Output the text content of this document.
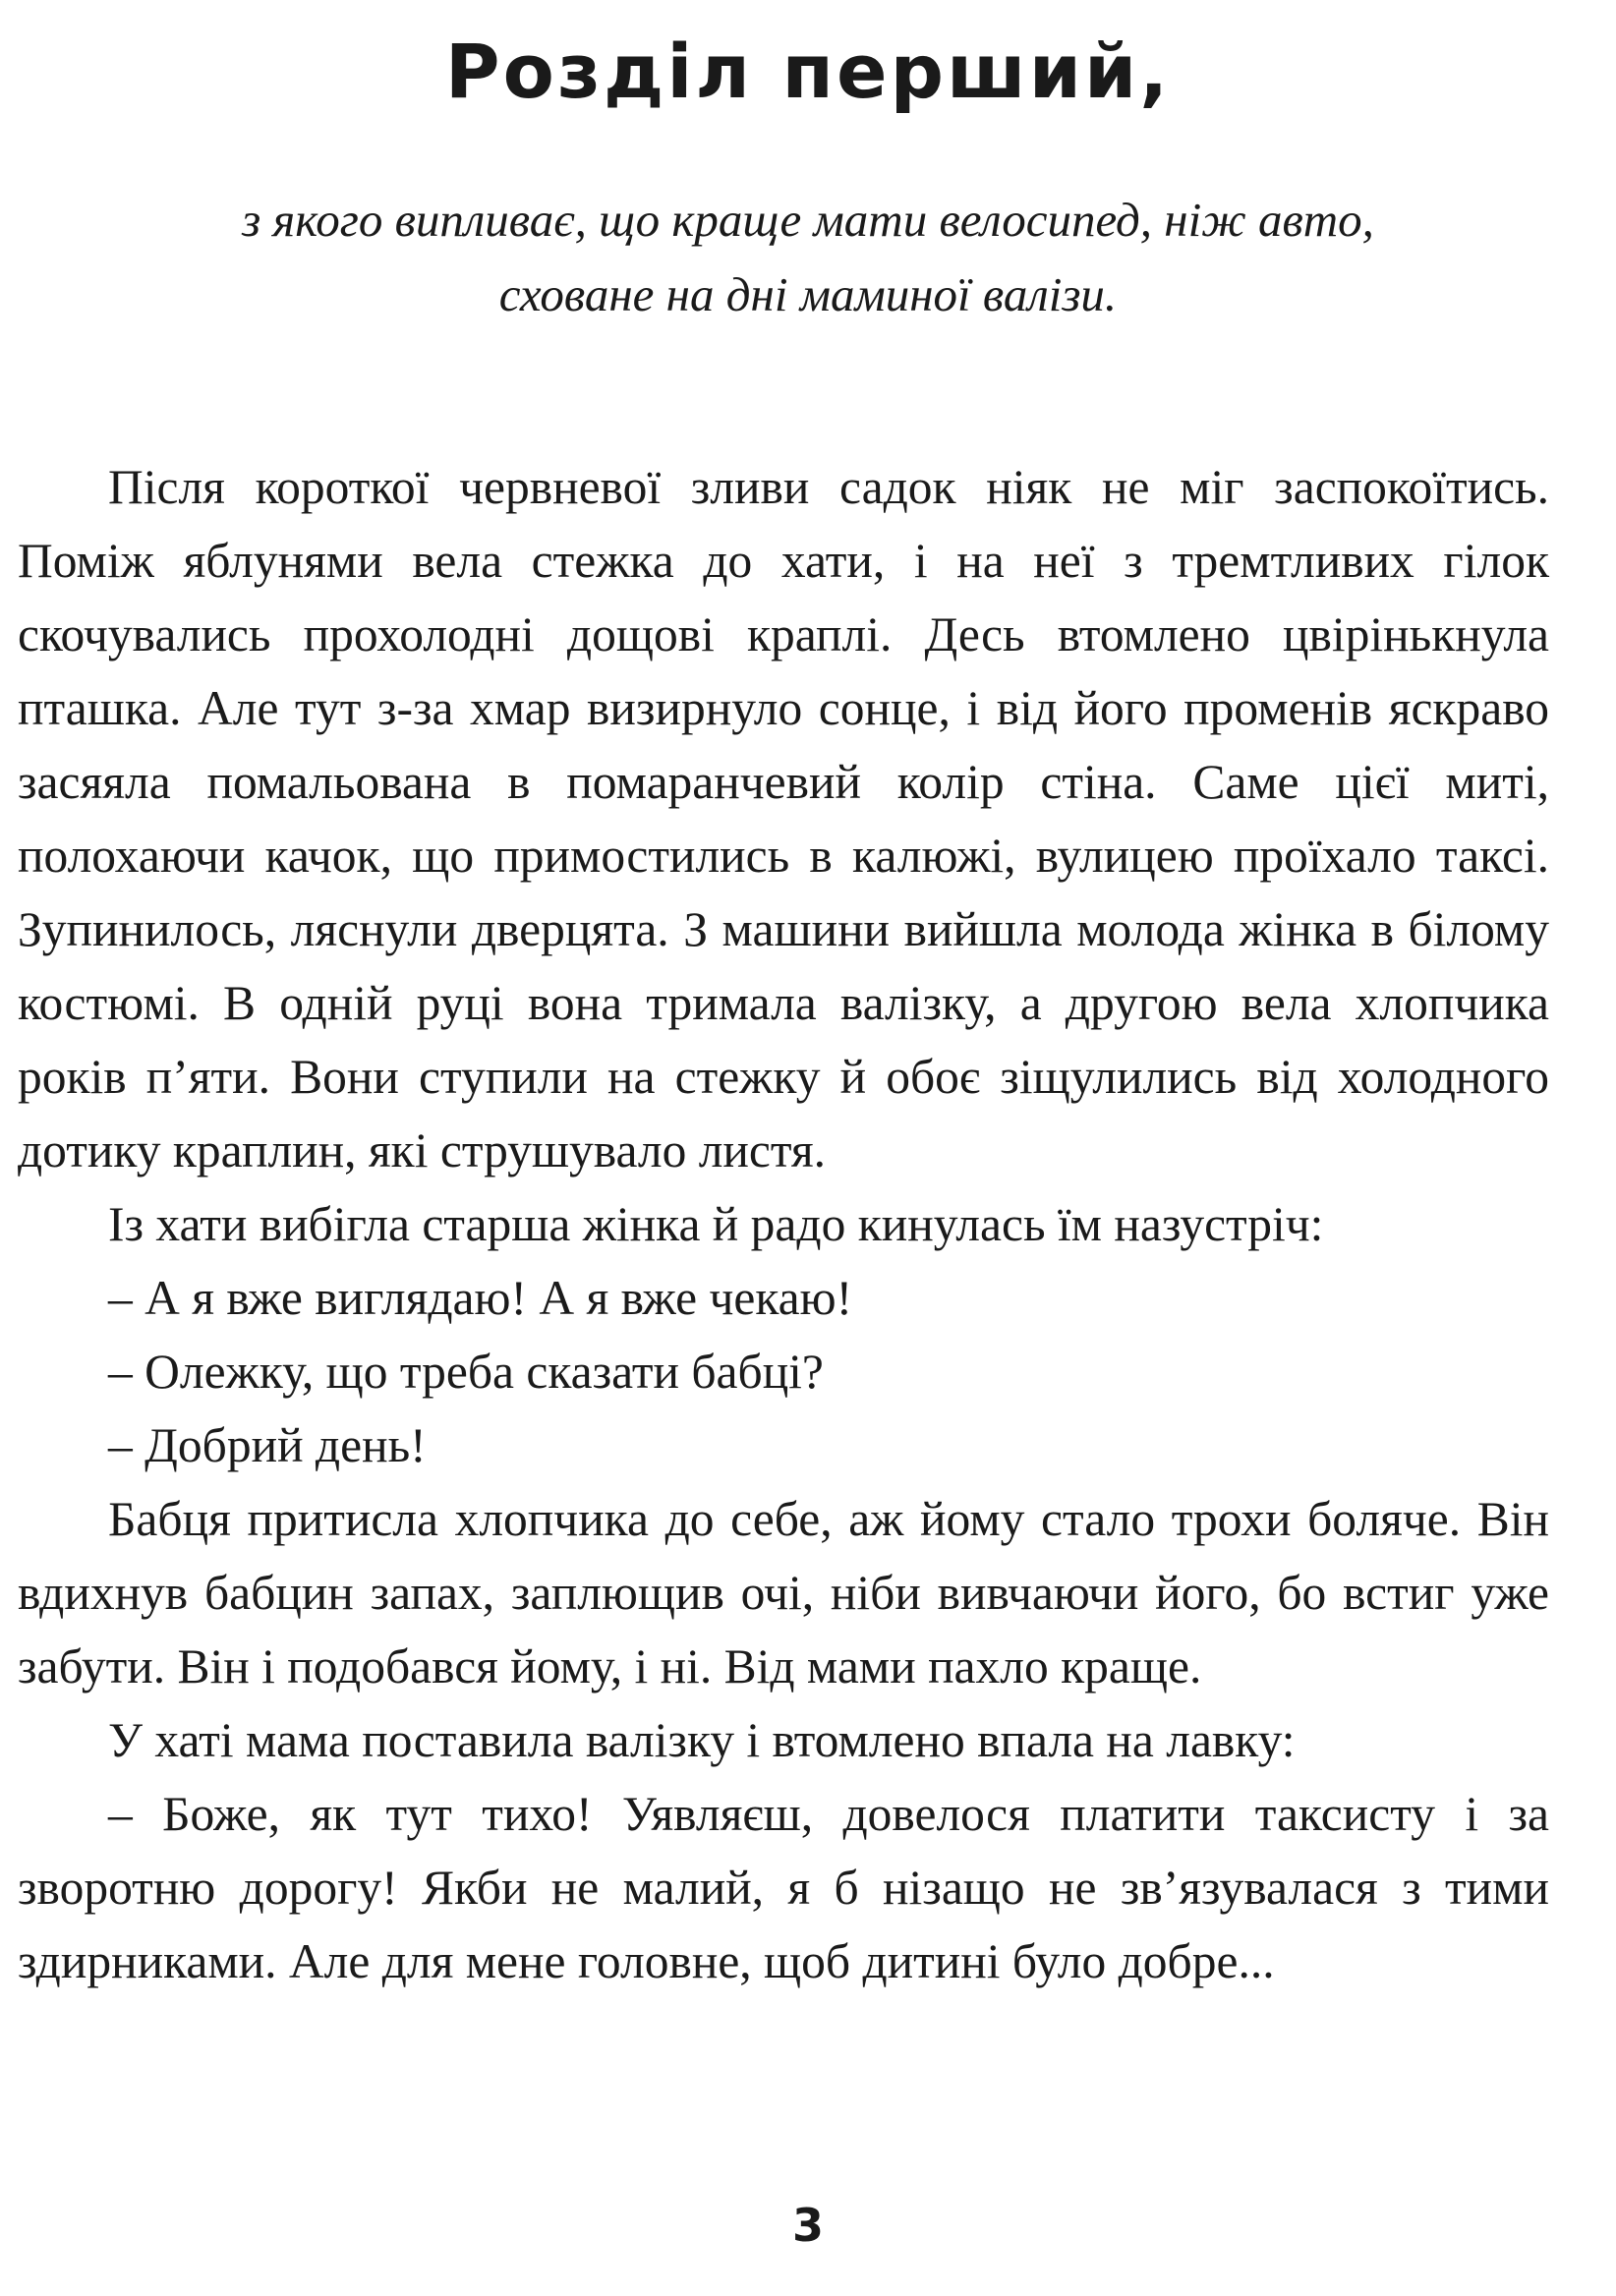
Розділ перший,
з якого випливає, що краще мати велосипед, ніж авто,
сховане на дні маминої валізи.

Після короткої червневої зливи садок ніяк не міг заспокоїтись. Поміж яблунями вела стежка до хати, і на неї з тремтливих гілок скочувались прохолодні дощові краплі. Десь втомлено цвірінькнула пташка. Але тут з-за хмар визирнуло сонце, і від його променів яскраво засяяла помальована в помаранчевий колір стіна. Саме цієї миті, полохаючи качок, що примостились в калюжі, вулицею проїхало таксі. Зупинилось, ляснули дверцята. З машини вийшла молода жінка в білому костюмі. В одній руці вона тримала валізку, а другою вела хлопчика років п’яти. Вони ступили на стежку й обоє зіщулились від холодного дотику краплин, які струшувало листя.

Із хати вибігла старша жінка й радо кинулась їм назустріч:

– А я вже виглядаю! А я вже чекаю!

– Олежку, що треба сказати бабці?

– Добрий день!

Бабця притисла хлопчика до себе, аж йому стало трохи боляче. Він вдихнув бабцин запах, заплющив очі, ніби вивчаючи його, бо встиг уже забути. Він і подобався йому, і ні. Від мами пахло краще.

У хаті мама поставила валізку і втомлено впала на лавку:

– Боже, як тут тихо! Уявляєш, довелося платити таксисту і за зворотню дорогу! Якби не малий, я б нізащо не зв’язувалася з тими здирниками. Але для мене головне, щоб дитині було добре...

3
